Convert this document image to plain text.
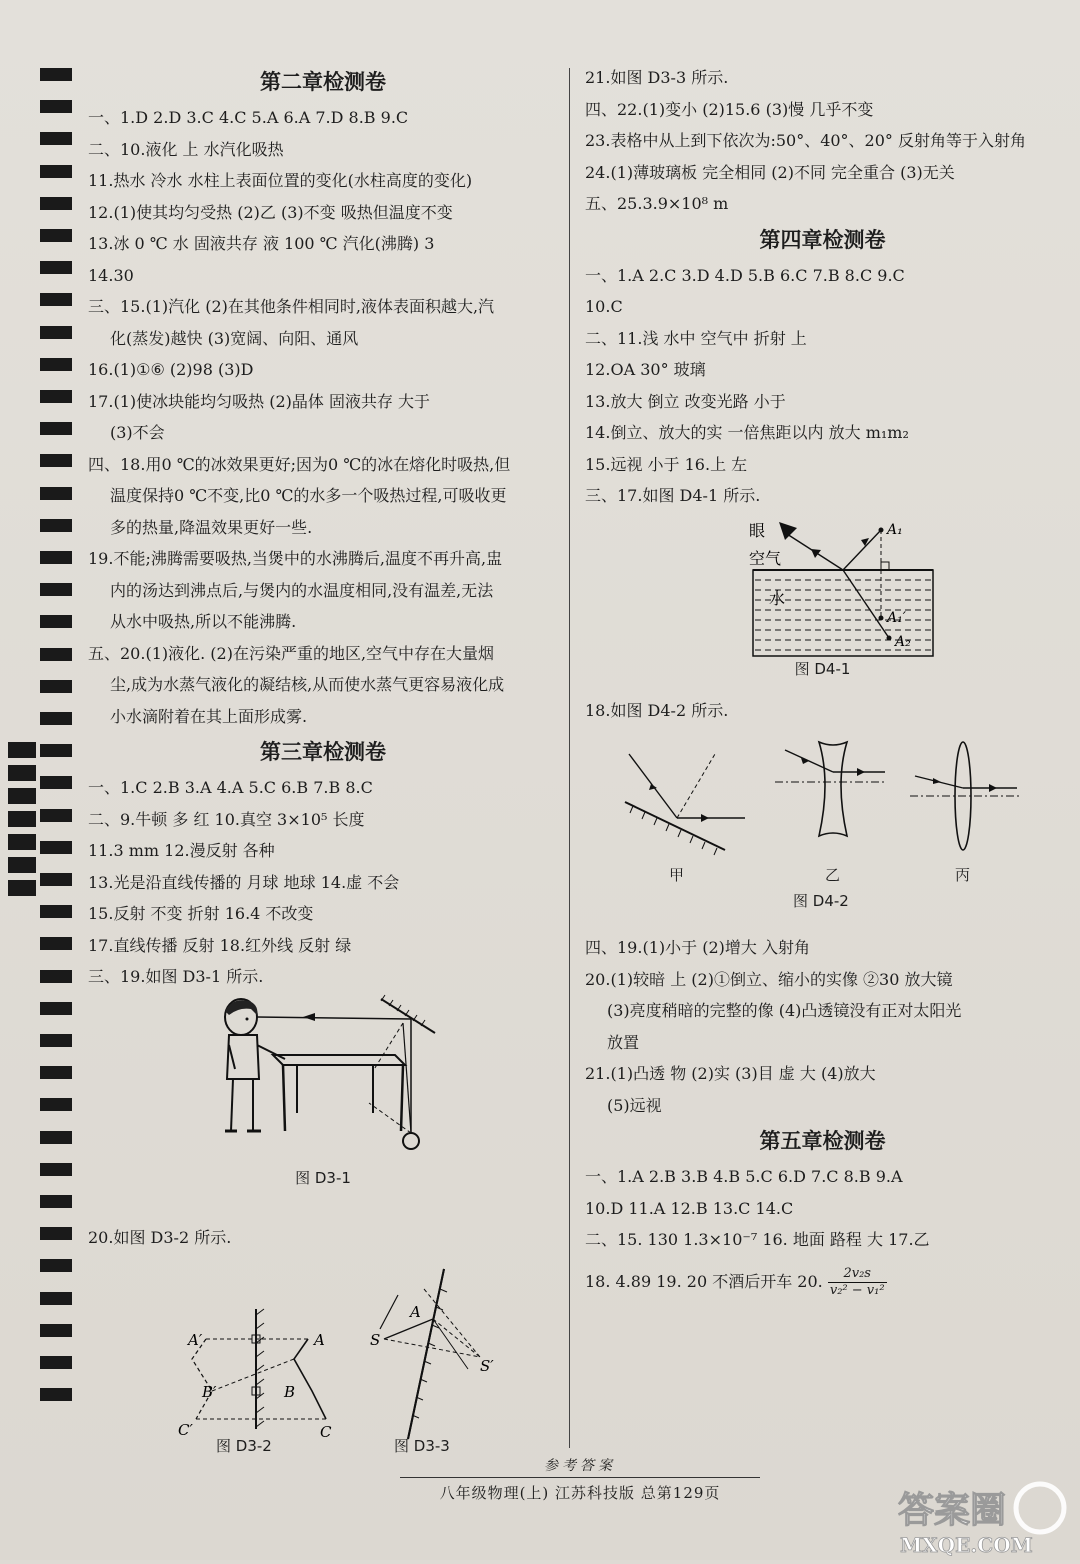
第二章检测卷
一、1.D 2.D 3.C 4.C 5.A 6.A 7.D 8.B 9.C
二、10.液化 上 水汽化吸热
11.热水 冷水 水柱上表面位置的变化(水柱高度的变化)
12.(1)使其均匀受热 (2)乙 (3)不变 吸热但温度不变
13.冰 0 ℃ 水 固液共存 液 100 ℃ 汽化(沸腾) 3
14.30
三、15.(1)汽化 (2)在其他条件相同时,液体表面积越大,汽
化(蒸发)越快 (3)宽阔、向阳、通风
16.(1)①⑥ (2)98 (3)D
17.(1)使冰块能均匀吸热 (2)晶体 固液共存 大于
(3)不会
四、18.用0 ℃的冰效果更好;因为0 ℃的冰在熔化时吸热,但
温度保持0 ℃不变,比0 ℃的水多一个吸热过程,可吸收更
多的热量,降温效果更好一些.
19.不能;沸腾需要吸热,当煲中的水沸腾后,温度不再升高,盅
内的汤达到沸点后,与煲内的水温度相同,没有温差,无法
从水中吸热,所以不能沸腾.
五、20.(1)液化. (2)在污染严重的地区,空气中存在大量烟
尘,成为水蒸气液化的凝结核,从而使水蒸气更容易液化成
小水滴附着在其上面形成雾.
第三章检测卷
一、1.C 2.B 3.A 4.A 5.C 6.B 7.B 8.C
二、9.牛顿 多 红 10.真空 3×10⁵ 长度
11.3 mm 12.漫反射 各种
13.光是沿直线传播的 月球 地球 14.虚 不会
15.反射 不变 折射 16.4 不改变
17.直线传播 反射 18.红外线 反射 绿
三、19.如图 D3-1 所示.
图 D3-1
20.如图 D3-2 所示.
A′	A
B′	B
C′	C
S
A
S′
图 D3-2	图 D3-3
21.如图 D3-3 所示.
四、22.(1)变小 (2)15.6 (3)慢 几乎不变
23.表格中从上到下依次为:50°、40°、20° 反射角等于入射角
24.(1)薄玻璃板 完全相同 (2)不同 完全重合 (3)无关
五、25.3.9×10⁸ m
第四章检测卷
一、1.A 2.C 3.D 4.D 5.B 6.C 7.B 8.C 9.C
10.C
二、11.浅 水中 空气中 折射 上
12.OA 30° 玻璃
13.放大 倒立 改变光路 小于
14.倒立、放大的实 一倍焦距以内 放大 m₁m₂
15.远视 小于 16.上 左
三、17.如图 D4-1 所示.
眼
空气
水
A₁
A₁′
A₂
图 D4-1
18.如图 D4-2 所示.
甲	乙	丙
图 D4-2
四、19.(1)小于 (2)增大 入射角
20.(1)较暗 上 (2)①倒立、缩小的实像 ②30 放大镜
(3)亮度稍暗的完整的像 (4)凸透镜没有正对太阳光
放置
21.(1)凸透 物 (2)实 (3)目 虚 大 (4)放大
(5)远视
第五章检测卷
一、1.A 2.B 3.B 4.B 5.C 6.D 7.C 8.B 9.A
10.D 11.A 12.B 13.C 14.C
二、15. 130 1.3×10⁻⁷ 16. 地面 路程 大 17.乙
18. 4.89 19. 20 不酒后开车 20. $\frac{\text{2v₂s}}{\text{v₂² − v₁²}}$
参考答案
八年级物理(上) 江苏科技版 总第129页	答案圈
MXQE.COM
